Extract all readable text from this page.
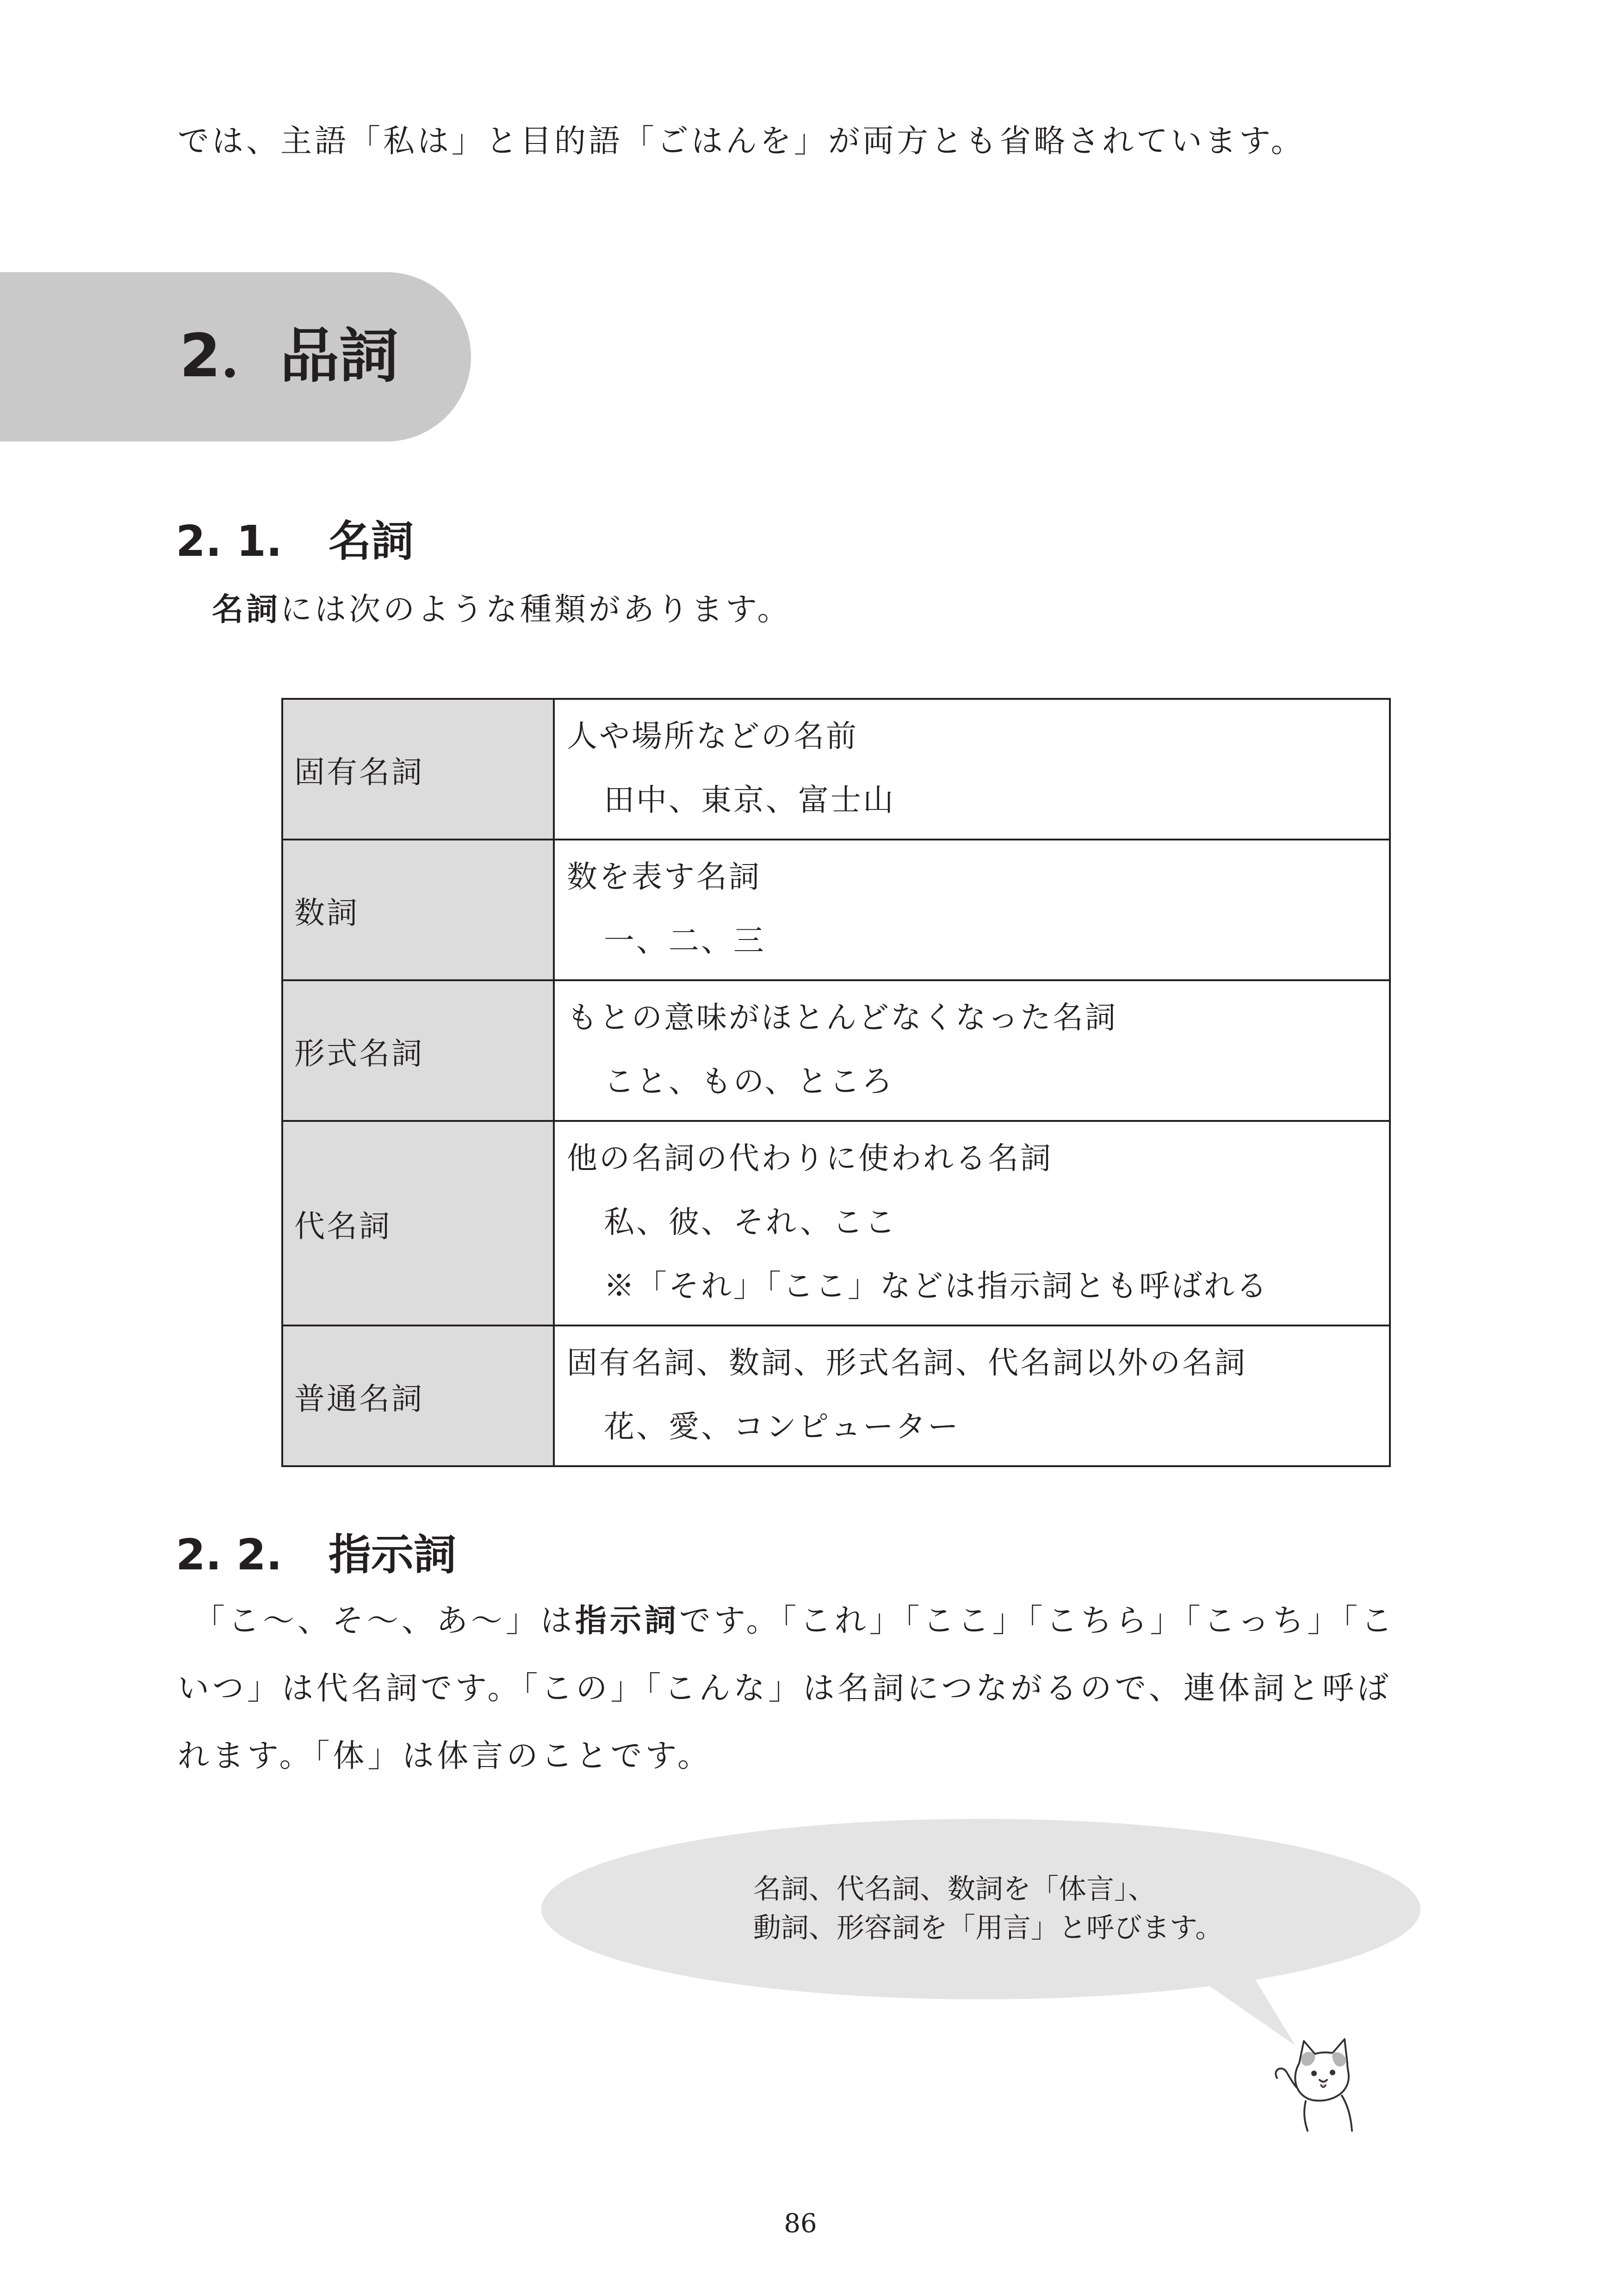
では、主語「私は」と目的語「ごはんを」が両方とも省略されています。
2．品詞
2. 1. 名詞
名詞には次のような種類があります。
固有名詞	人や場所などの名前
田中、東京、富士山

数詞	数を表す名詞
一、二、三

形式名詞	もとの意味がほとんどなくなった名詞
こと、もの、ところ

代名詞	他の名詞の代わりに使われる名詞
私、彼、それ、ここ
※「それ」「ここ」などは指示詞とも呼ばれる

普通名詞	固有名詞、数詞、形式名詞、代名詞以外の名詞
花、愛、コンピューター
2. 2. 指示詞
「こ～、そ～、あ～」は指示詞です。「これ」「ここ」「こちら」「こっち」「こ
いつ」は代名詞です。「この」「こんな」は名詞につながるので、連体詞と呼ば
れます。「体」は体言のことです。
名詞、代名詞、数詞を「体言」、
動詞、形容詞を「用言」と呼びます。
86
